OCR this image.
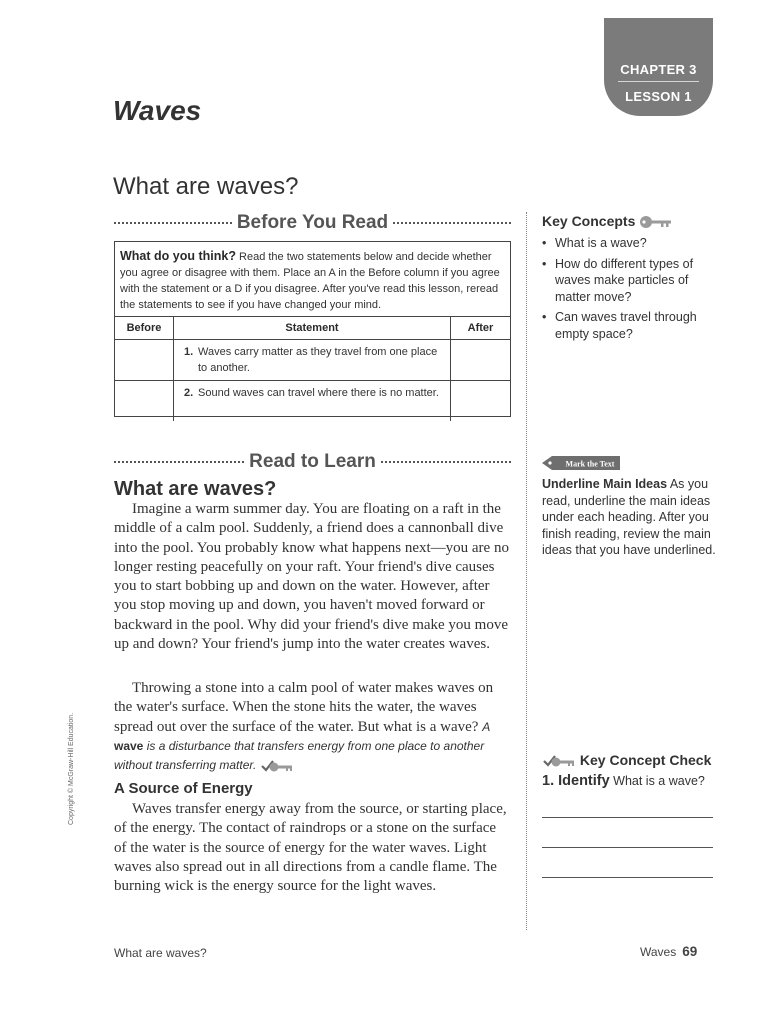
CHAPTER 3
LESSON 1
Waves
What are waves?
Before You Read
What do you think? Read the two statements below and decide whether you agree or disagree with them. Place an A in the Before column if you agree with the statement or a D if you disagree. After you've read this lesson, reread the statements to see if you have changed your mind.
Before	Statement	After

	1. Waves carry matter as they travel from one place to another.	

	2. Sound waves can travel where there is no matter.	

Read to Learn
What are waves?

Imagine a warm summer day. You are floating on a raft in the middle of a calm pool. Suddenly, a friend does a cannonball dive into the pool. You probably know what happens next—you are no longer resting peacefully on your raft. Your friend's dive causes you to start bobbing up and down on the water. However, after you stop moving up and down, you haven't moved forward or backward in the pool. Why did your friend's dive make you move up and down? Your friend's jump into the water creates waves.

Throwing a stone into a calm pool of water makes waves on the water's surface. When the stone hits the water, the waves spread out over the surface of the water. But what is a wave? A wave is a disturbance that transfers energy from one place to another without transferring matter.

A Source of Energy

Waves transfer energy away from the source, or starting place, of the energy. The contact of raindrops or a stone on the surface of the water is the source of energy for the water waves. Light waves also spread out in all directions from a candle flame. The burning wick is the energy source for the light waves.

Key Concepts
• What is a wave?
• How do different types of waves make particles of matter move?
• Can waves travel through empty space?
Mark the Text
Underline Main Ideas As you read, underline the main ideas under each heading. After you finish reading, review the main ideas that you have underlined.
Key Concept Check
1. Identify What is a wave?
Copyright © McGraw-Hill Education.
What are waves?	Waves 69
